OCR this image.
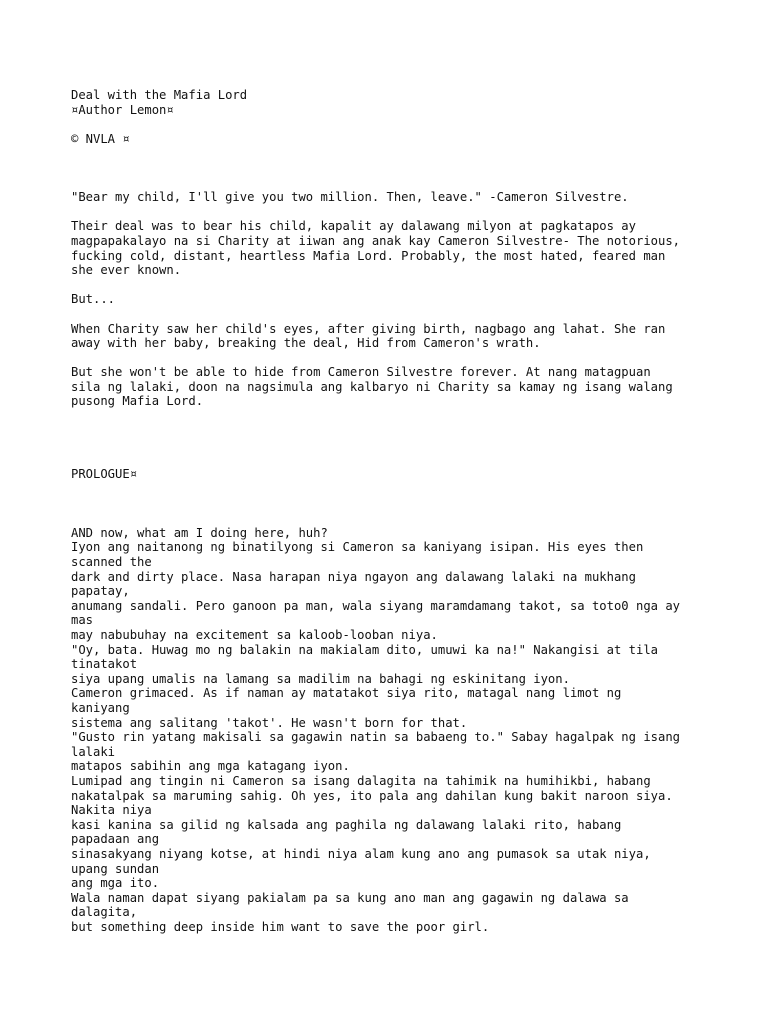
Deal with the Mafia Lord
¤Author Lemon¤
© NVLA ¤
"Bear my child, I'll give you two million. Then, leave." -Cameron Silvestre.
Their deal was to bear his child, kapalit ay dalawang milyon at pagkatapos ay
magpapakalayo na si Charity at iiwan ang anak kay Cameron Silvestre- The notorious,
fucking cold, distant, heartless Mafia Lord. Probably, the most hated, feared man
she ever known.
But...
When Charity saw her child's eyes, after giving birth, nagbago ang lahat. She ran
away with her baby, breaking the deal, Hid from Cameron's wrath.
But she won't be able to hide from Cameron Silvestre forever. At nang matagpuan
sila ng lalaki, doon na nagsimula ang kalbaryo ni Charity sa kamay ng isang walang
pusong Mafia Lord.
PROLOGUE¤
AND now, what am I doing here, huh?
Iyon ang naitanong ng binatilyong si Cameron sa kaniyang isipan. His eyes then
scanned the
dark and dirty place. Nasa harapan niya ngayon ang dalawang lalaki na mukhang
papatay,
anumang sandali. Pero ganoon pa man, wala siyang maramdamang takot, sa toto0 nga ay
mas
may nabubuhay na excitement sa kaloob-looban niya.
"Oy, bata. Huwag mo ng balakin na makialam dito, umuwi ka na!" Nakangisi at tila
tinatakot
siya upang umalis na lamang sa madilim na bahagi ng eskinitang iyon.
Cameron grimaced. As if naman ay matatakot siya rito, matagal nang limot ng
kaniyang
sistema ang salitang 'takot'. He wasn't born for that.
"Gusto rin yatang makisali sa gagawin natin sa babaeng to." Sabay hagalpak ng isang
lalaki
matapos sabihin ang mga katagang iyon.
Lumipad ang tingin ni Cameron sa isang dalagita na tahimik na humihikbi, habang
nakatalpak sa maruming sahig. Oh yes, ito pala ang dahilan kung bakit naroon siya.
Nakita niya
kasi kanina sa gilid ng kalsada ang paghila ng dalawang lalaki rito, habang
papadaan ang
sinasakyang niyang kotse, at hindi niya alam kung ano ang pumasok sa utak niya,
upang sundan
ang mga ito.
Wala naman dapat siyang pakialam pa sa kung ano man ang gagawin ng dalawa sa
dalagita,
but something deep inside him want to save the poor girl.
